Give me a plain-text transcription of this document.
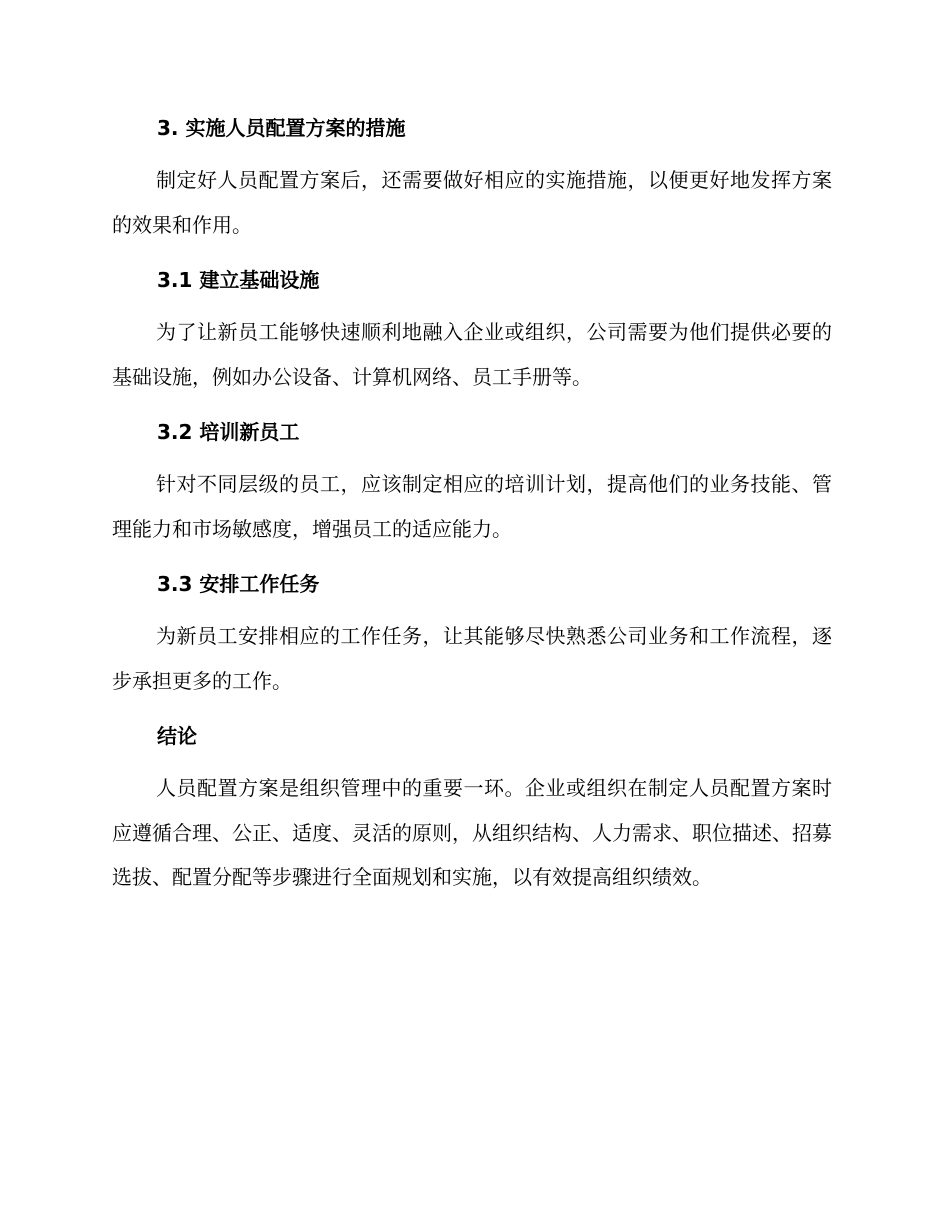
3. 实施人员配置方案的措施

制定好人员配置方案后，还需要做好相应的实施措施，以便更好地发挥方案的效果和作用。

3.1 建立基础设施

为了让新员工能够快速顺利地融入企业或组织，公司需要为他们提供必要的基础设施，例如办公设备、计算机网络、员工手册等。

3.2 培训新员工

针对不同层级的员工，应该制定相应的培训计划，提高他们的业务技能、管理能力和市场敏感度，增强员工的适应能力。

3.3 安排工作任务

为新员工安排相应的工作任务，让其能够尽快熟悉公司业务和工作流程，逐步承担更多的工作。

结论

人员配置方案是组织管理中的重要一环。企业或组织在制定人员配置方案时应遵循合理、公正、适度、灵活的原则，从组织结构、人力需求、职位描述、招募选拔、配置分配等步骤进行全面规划和实施，以有效提高组织绩效。
